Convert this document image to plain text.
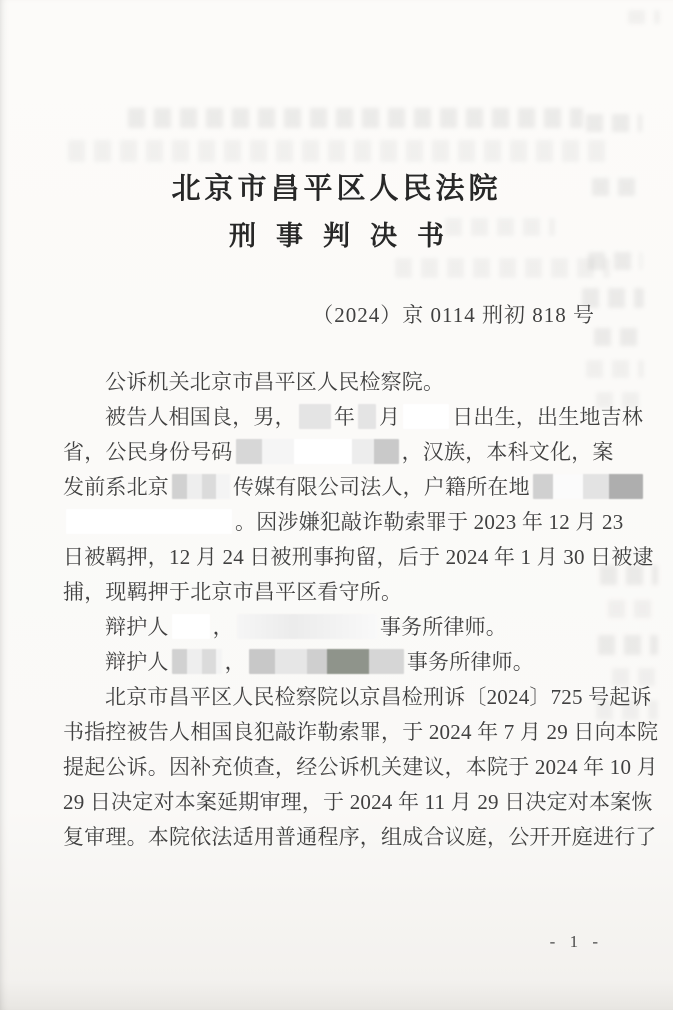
北京市昌平区人民法院
刑事判决书
（2024）京 0114 刑初 818 号
公诉机关北京市昌平区人民检察院。
被告人相国良，男， 年 月 日出生，出生地吉林
省，公民身份号码	，汉族，本科文化，案
发前系北京	传媒有限公司法人，户籍所在地
。因涉嫌犯敲诈勒索罪于 2023 年 12 月 23
日被羁押，12 月 24 日被刑事拘留，后于 2024 年 1 月 30 日被逮
捕，现羁押于北京市昌平区看守所。
辩护人 ，	事务所律师。
辩护人	，	事务所律师。
北京市昌平区人民检察院以京昌检刑诉〔2024〕725 号起诉
书指控被告人相国良犯敲诈勒索罪，于 2024 年 7 月 29 日向本院
提起公诉。因补充侦查，经公诉机关建议，本院于 2024 年 10 月
29 日决定对本案延期审理，于 2024 年 11 月 29 日决定对本案恢
复审理。本院依法适用普通程序，组成合议庭，公开开庭进行了
- 1 -
